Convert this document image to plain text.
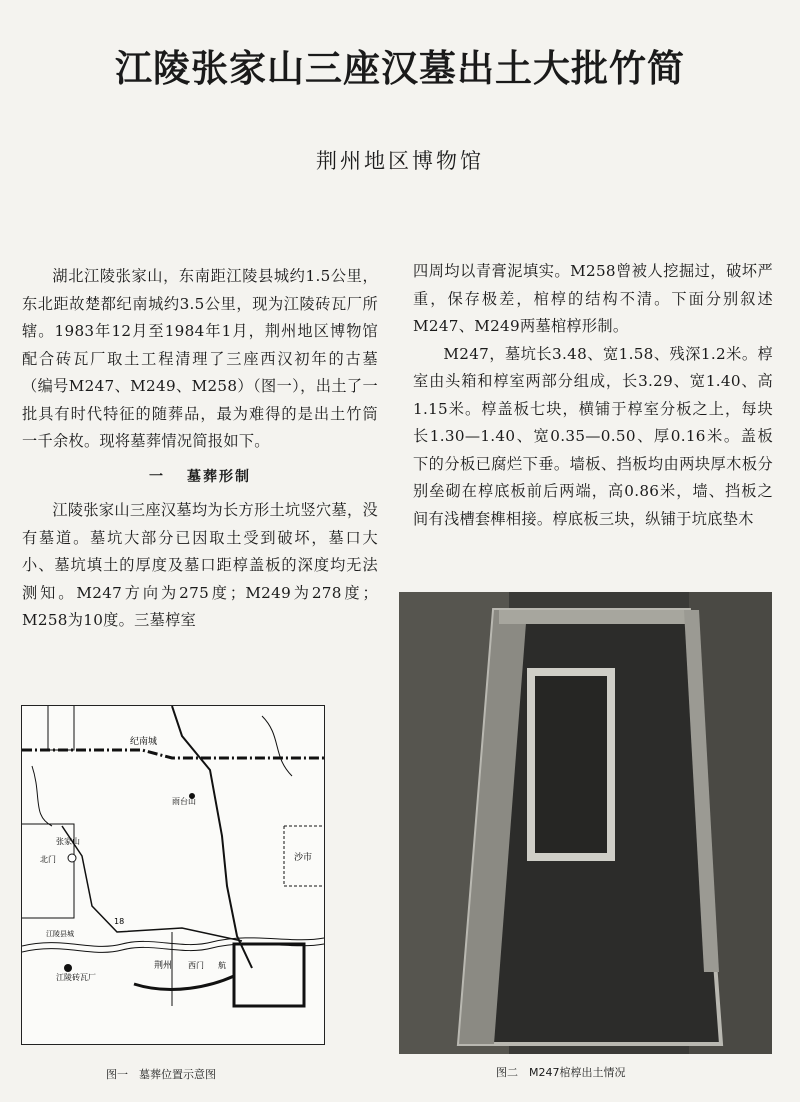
江陵张家山三座汉墓出土大批竹简
荆州地区博物馆

湖北江陵张家山，东南距江陵县城约1.5公里，东北距故楚都纪南城约3.5公里，现为江陵砖瓦厂所辖。1983年12月至1984年1月，荆州地区博物馆配合砖瓦厂取土工程清理了三座西汉初年的古墓（编号M247、M249、M258）（图一），出土了一批具有时代特征的随葬品，最为难得的是出土竹筒一千余枚。现将墓葬情况简报如下。

一 墓葬形制

江陵张家山三座汉墓均为长方形土坑竖穴墓，没有墓道。墓坑大部分已因取土受到破坏，墓口大小、墓坑填土的厚度及墓口距椁盖板的深度均无法测知。M247方向为275度；M249为278度；M258为10度。三墓椁室

四周均以青膏泥填实。M258曾被人挖掘过，破坏严重，保存极差，棺椁的结构不清。下面分别叙述M247、M249两墓棺椁形制。

M247，墓坑长3.48、宽1.58、残深1.2米。椁室由头箱和椁室两部分组成，长3.29、宽1.40、高1.15米。椁盖板七块，横铺于椁室分板之上，每块长1.30—1.40、宽0.35—0.50、厚0.16米。盖板下的分板已腐烂下垂。墙板、挡板均由两块厚木板分别垒砌在椁底板前后两端，高0.86米，墙、挡板之间有浅槽套榫相接。椁底板三块，纵铺于坑底垫木

纪南城
雨台山
张家山
北门
江陵县城
江陵砖瓦厂
荆州 西门
沙市
航
18
图一　墓葬位置示意图	图二　M247棺椁出土情况
